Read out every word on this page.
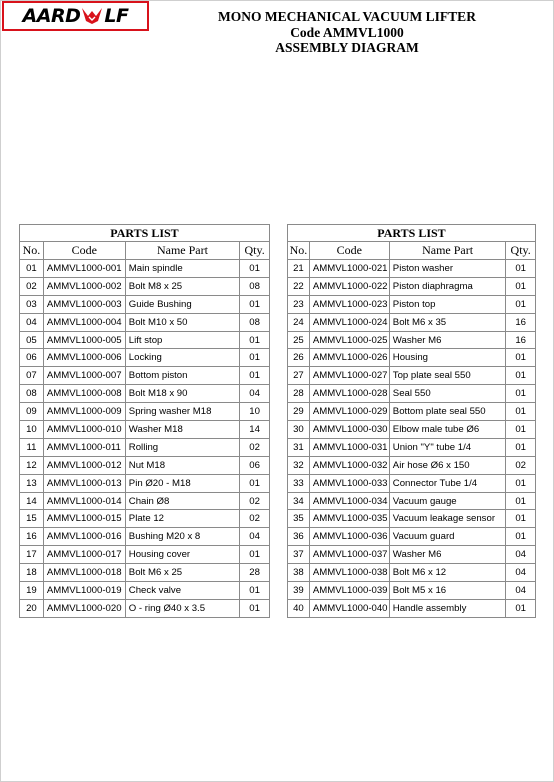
AARD LF	MONO MECHANICAL VACUUM LIFTER
Code AMMVL1000
ASSEMBLY DIAGRAM
PARTS LIST			
No.	Code	Name Part	Qty.
01	AMMVL1000-001	Main spindle	01
02	AMMVL1000-002	Bolt M8 x 25	08
03	AMMVL1000-003	Guide Bushing	01
04	AMMVL1000-004	Bolt M10 x 50	08
05	AMMVL1000-005	Lift stop	01
06	AMMVL1000-006	Locking	01
07	AMMVL1000-007	Bottom piston	01
08	AMMVL1000-008	Bolt M18 x 90	04
09	AMMVL1000-009	Spring washer M18	10
10	AMMVL1000-010	Washer M18	14
11	AMMVL1000-011	Rolling	02
12	AMMVL1000-012	Nut M18	06
13	AMMVL1000-013	Pin Ø20 - M18	01
14	AMMVL1000-014	Chain Ø8	02
15	AMMVL1000-015	Plate 12	02
16	AMMVL1000-016	Bushing M20 x 8	04
17	AMMVL1000-017	Housing cover	01
18	AMMVL1000-018	Bolt M6 x 25	28
19	AMMVL1000-019	Check valve	01
20	AMMVL1000-020	O - ring Ø40 x 3.5	01
PARTS LIST			
No.	Code	Name Part	Qty.
21	AMMVL1000-021	Piston washer	01
22	AMMVL1000-022	Piston diaphragma	01
23	AMMVL1000-023	Piston top	01
24	AMMVL1000-024	Bolt M6 x 35	16
25	AMMVL1000-025	Washer M6	16
26	AMMVL1000-026	Housing	01
27	AMMVL1000-027	Top plate seal 550	01
28	AMMVL1000-028	Seal 550	01
29	AMMVL1000-029	Bottom plate seal 550	01
30	AMMVL1000-030	Elbow male tube Ø6	01
31	AMMVL1000-031	Union "Y" tube 1/4	01
32	AMMVL1000-032	Air hose Ø6 x 150	02
33	AMMVL1000-033	Connector Tube 1/4	01
34	AMMVL1000-034	Vacuum gauge	01
35	AMMVL1000-035	Vacuum leakage sensor	01
36	AMMVL1000-036	Vacuum guard	01
37	AMMVL1000-037	Washer M6	04
38	AMMVL1000-038	Bolt M6 x 12	04
39	AMMVL1000-039	Bolt M5 x 16	04
40	AMMVL1000-040	Handle assembly	01
